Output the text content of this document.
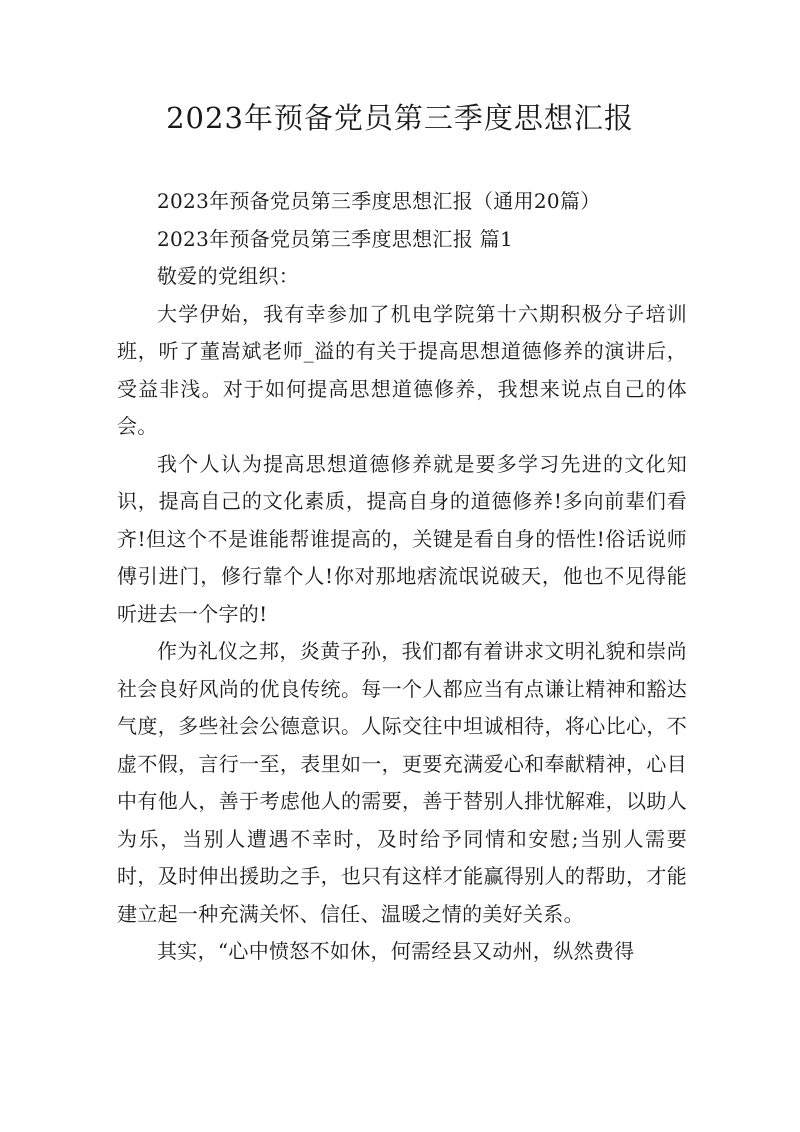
2023年预备党员第三季度思想汇报

2023年预备党员第三季度思想汇报（通用20篇）

2023年预备党员第三季度思想汇报 篇1

敬爱的党组织：

大学伊始，我有幸参加了机电学院第十六期积极分子培训班，听了董嵩斌老师_溢的有关于提高思想道德修养的演讲后，受益非浅。对于如何提高思想道德修养，我想来说点自己的体会。

我个人认为提高思想道德修养就是要多学习先进的文化知识，提高自己的文化素质，提高自身的道德修养!多向前辈们看齐!但这个不是谁能帮谁提高的，关键是看自身的悟性!俗话说师傅引进门，修行靠个人!你对那地痞流氓说破天，他也不见得能听进去一个字的!

作为礼仪之邦，炎黄子孙，我们都有着讲求文明礼貌和崇尚社会良好风尚的优良传统。每一个人都应当有点谦让精神和豁达气度，多些社会公德意识。人际交往中坦诚相待，将心比心，不虚不假，言行一至，表里如一，更要充满爱心和奉献精神，心目中有他人，善于考虑他人的需要，善于替别人排忧解难，以助人为乐，当别人遭遇不幸时，及时给予同情和安慰;当别人需要时，及时伸出援助之手，也只有这样才能赢得别人的帮助，才能建立起一种充满关怀、信任、温暖之情的美好关系。

其实，“心中愤怒不如休，何需经县又动州，纵然费得
